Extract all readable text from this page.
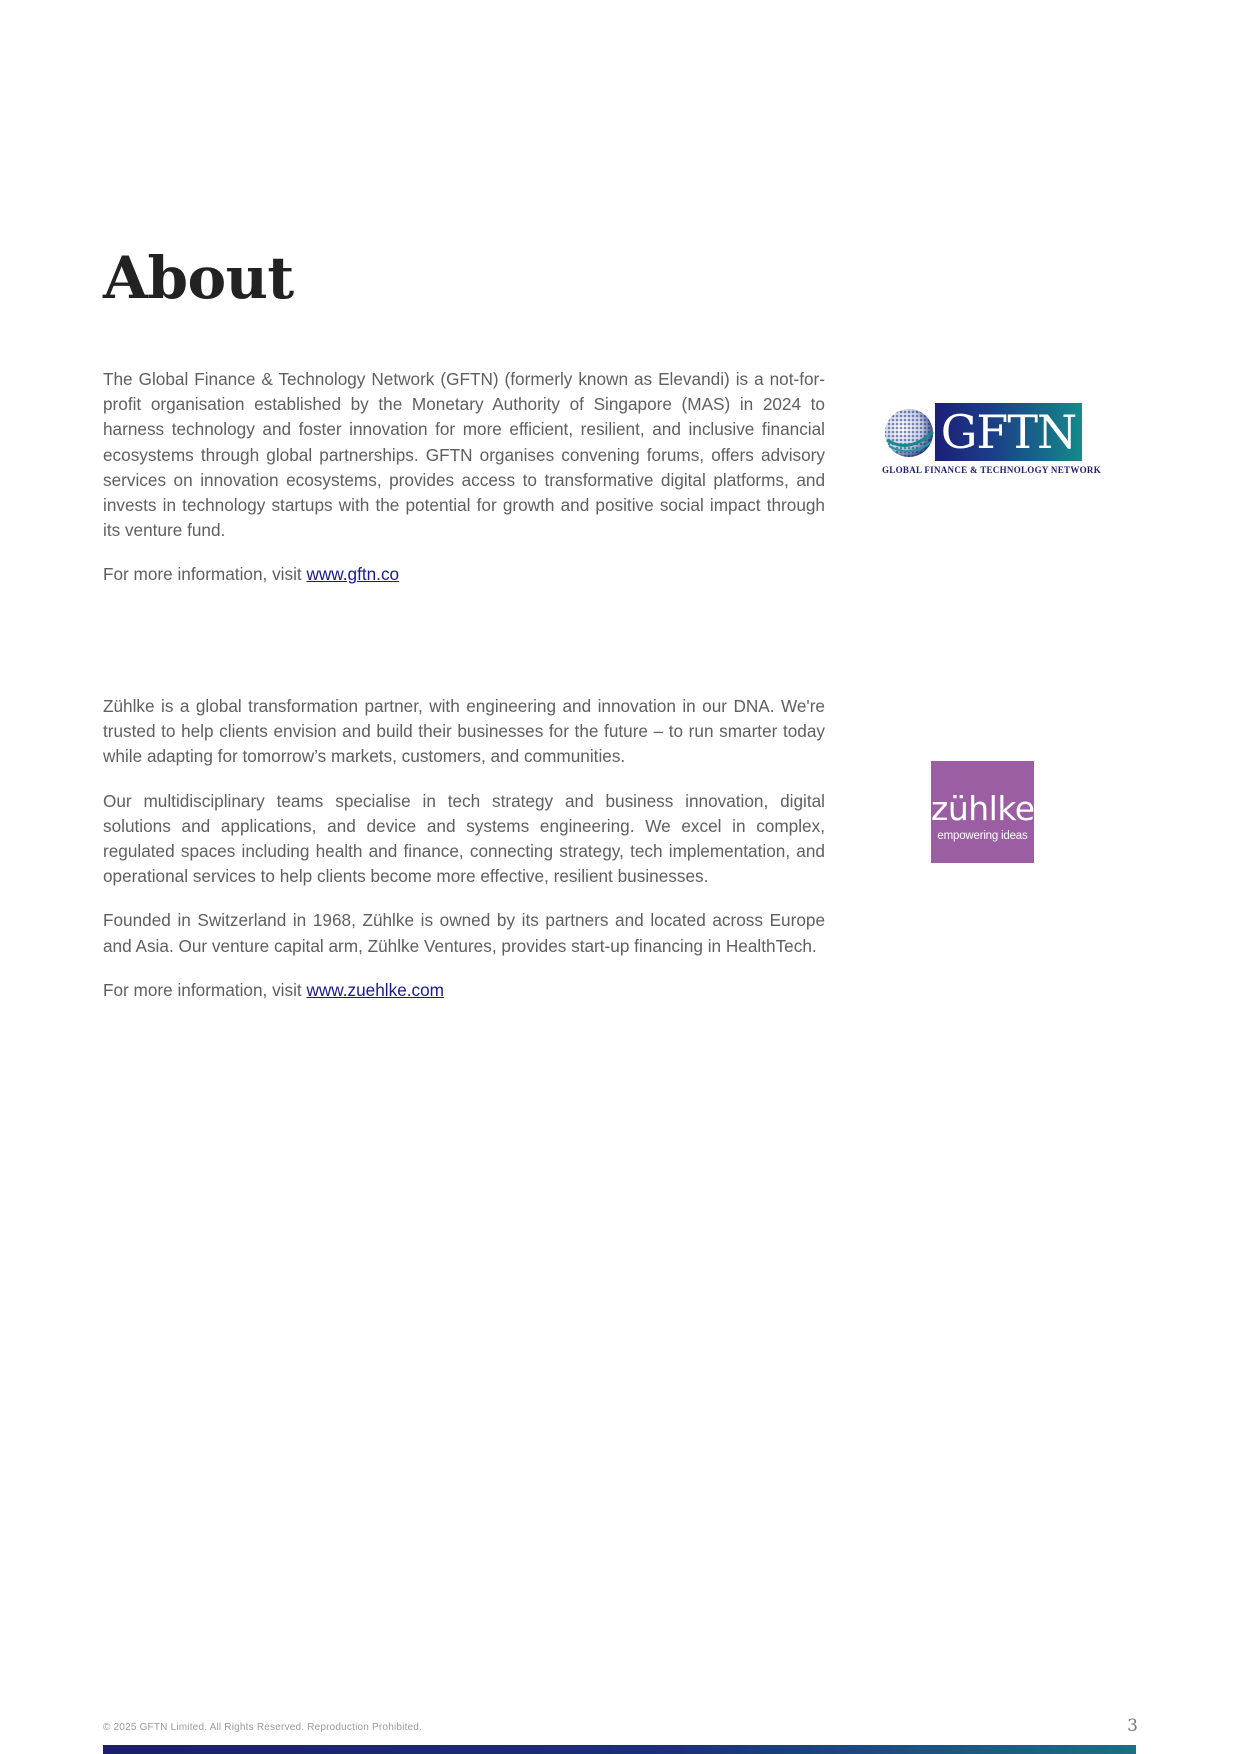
About

The Global Finance & Technology Network (GFTN) (formerly known as Elevandi) is a not-for-profit organisation established by the Monetary Authority of Singapore (MAS) in 2024 to harness technology and foster innovation for more efficient, resilient, and inclusive financial ecosystems through global partnerships. GFTN organises convening forums, offers advisory services on innovation ecosystems, provides access to transformative digital platforms, and invests in technology startups with the potential for growth and positive social impact through its venture fund.

For more information, visit www.gftn.co

GFTN
GLOBAL FINANCE & TECHNOLOGY NETWORK

Zühlke is a global transformation partner, with engineering and innovation in our DNA. We're trusted to help clients envision and build their businesses for the future – to run smarter today while adapting for tomorrow’s markets, customers, and communities.

Our multidisciplinary teams specialise in tech strategy and business innovation, digital solutions and applications, and device and systems engineering. We excel in complex, regulated spaces including health and finance, connecting strategy, tech implementation, and operational services to help clients become more effective, resilient businesses.

Founded in Switzerland in 1968, Zühlke is owned by its partners and located across Europe and Asia. Our venture capital arm, Zühlke Ventures, provides start-up financing in HealthTech.

For more information, visit www.zuehlke.com

zühlke
empowering ideas
© 2025 GFTN Limited. All Rights Reserved. Reproduction Prohibited.	3
